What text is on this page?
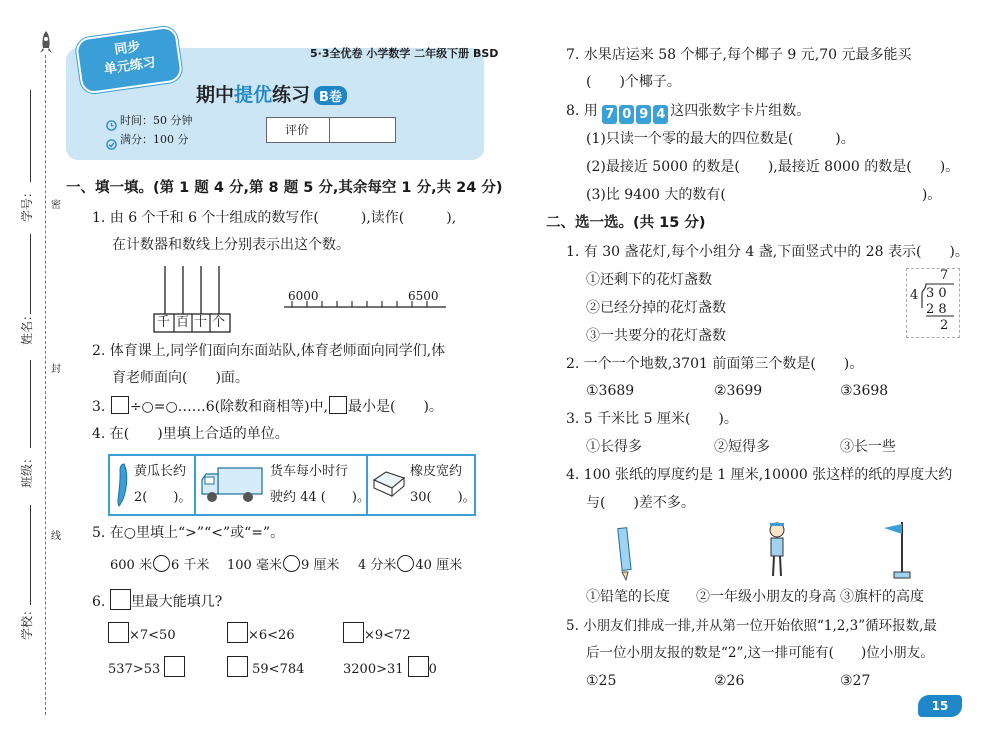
学号：
姓名：
班级：
学校：
密
封
线
同步
单元练习
5·3全优卷 小学数学 二年级下册 BSD
期中提优练习 B卷
时间：50 分钟
满分：100 分
评价
一、填一填。(第 1 题 4 分,第 8 题 5 分,其余每空 1 分,共 24 分)
1. 由 6 个千和 6 个十组成的数写作(　　　),读作(　　　),
在计数器和数线上分别表示出这个数。
千 百 十 个
6000	6500
2. 体育课上,同学们面向东面站队,体育老师面向同学们,体
育老师面向(　　)面。
3. ÷○=○……6(除数和商相等)中, 最小是(　　)。
4. 在(　　)里填上合适的单位。
黄瓜长约
2(　　)。
货车每小时行
驶约 44 (　　)。
橡皮宽约
30(　　)。
5. 在○里填上“>”“<”或“=”。
600 米 6 千米 100 毫米 9 厘米 4 分米 40 厘米
6. 里最大能填几?
×7<50	×6<26	×9<72
537>53	59<784	3200>31 0
7. 水果店运来 58 个椰子,每个椰子 9 元,70 元最多能买
(　　)个椰子。
8. 用 7 0 9 4 这四张数字卡片组数。
(1)只读一个零的最大的四位数是(　　　)。
(2)最接近 5000 的数是(　　),最接近 8000 的数是(　　)。
(3)比 9400 大的数有(　　　　　　　　　　　　　　)。
二、选一选。(共 15 分)
1. 有 30 盏花灯,每个小组分 4 盏,下面竖式中的 28 表示(　　)。
①还剩下的花灯盏数
②已经分掉的花灯盏数
③一共要分的花灯盏数
7
4 3 0
2 8
2
2. 一个一个地数,3701 前面第三个数是(　　)。
①3689	②3699	③3698
3. 5 千米比 5 厘米(　　)。
①长得多	②短得多	③长一些
4. 100 张纸的厚度约是 1 厘米,10000 张这样的纸的厚度大约
与(　　)差不多。
①铅笔的长度 ②一年级小朋友的身高 ③旗杆的高度
5. 小朋友们排成一排,并从第一位开始依照“1,2,3”循环报数,最
后一位小朋友报的数是“2”,这一排可能有(　　)位小朋友。
①25	②26	③27
15
